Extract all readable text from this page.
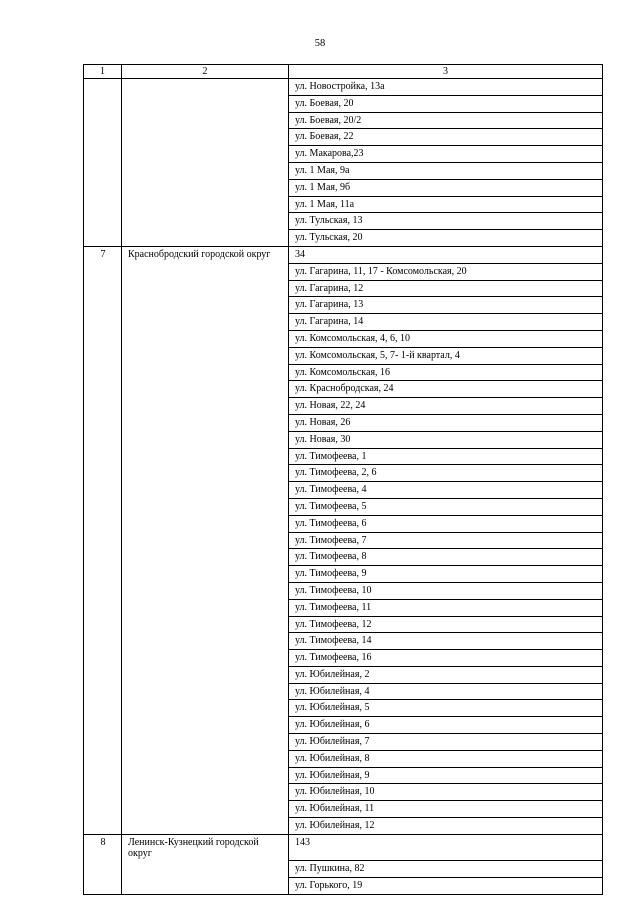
58
1	2	3
		ул. Новостройка, 13а
		ул. Боевая, 20
		ул. Боевая, 20/2
		ул. Боевая, 22
		ул. Макарова,23
		ул. 1 Мая, 9а
		ул. 1 Мая, 9б
		ул. 1 Мая, 11а
		ул. Тульская, 13
		ул. Тульская, 20
7	Краснобродский городской округ	34
		ул. Гагарина, 11, 17 - Комсомольская, 20
		ул. Гагарина, 12
		ул. Гагарина, 13
		ул. Гагарина, 14
		ул. Комсомольская, 4, 6, 10
		ул. Комсомольская, 5, 7- 1-й квартал, 4
		ул. Комсомольская, 16
		ул. Краснобродская, 24
		ул. Новая, 22, 24
		ул. Новая, 26
		ул. Новая, 30
		ул. Тимофеева, 1
		ул. Тимофеева, 2, 6
		ул. Тимофеева, 4
		ул. Тимофеева, 5
		ул. Тимофеева, 6
		ул. Тимофеева, 7
		ул. Тимофеева, 8
		ул. Тимофеева, 9
		ул. Тимофеева, 10
		ул. Тимофеева, 11
		ул. Тимофеева, 12
		ул. Тимофеева, 14
		ул. Тимофеева, 16
		ул. Юбилейная, 2
		ул. Юбилейная, 4
		ул. Юбилейная, 5
		ул. Юбилейная, 6
		ул. Юбилейная, 7
		ул. Юбилейная, 8
		ул. Юбилейная, 9
		ул. Юбилейная, 10
		ул. Юбилейная, 11
		ул. Юбилейная, 12
8	Ленинск-Кузнецкий городской округ	143
		ул. Пушкина, 82
		ул. Горького, 19
